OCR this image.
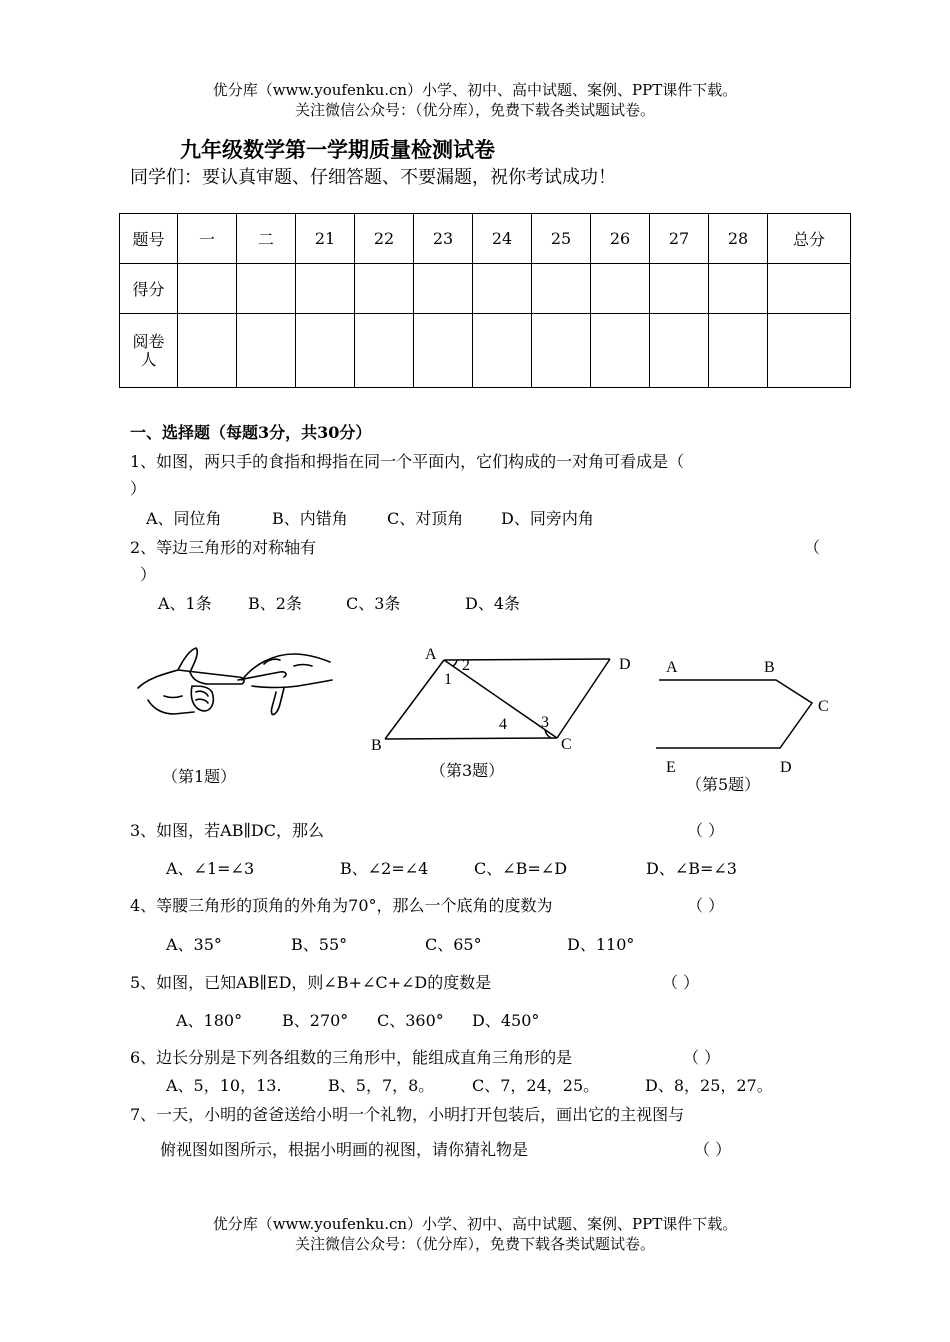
优分库（www.youfenku.cn）小学、初中、高中试题、案例、PPT课件下载。
关注微信公众号：（优分库），免费下载各类试题试卷。
九年级数学第一学期质量检测试卷
同学们：要认真审题、仔细答题、不要漏题，祝你考试成功！
题号	一	二	21	22	23	24	25	26	27	28	总分
得分											
阅卷人											
一、选择题（每题3分，共30分）
1、如图，两只手的食指和拇指在同一个平面内，它们构成的一对角可看成是（
）
A、同位角	B、内错角 C、对顶角 D、同旁内角
2、等边三角形的对称轴有	（
）
A、1条 B、2条	C、3条	D、4条
（第1题）
A
B	C
D
1
2
3
4
（第3题）
A	B
C
D
E
（第5题）
3、如图，若AB∥DC，那么	（ ）
A、∠1=∠3	B、∠2=∠4	C、∠B=∠D	D、∠B=∠3
4、等腰三角形的顶角的外角为70°，那么一个底角的度数为	（ ）
A、35°	B、55°	C、65°	D、110°
5、如图，已知AB∥ED，则∠B+∠C+∠D的度数是	（ ）
A、180° B、270° C、360° D、450°
6、边长分别是下列各组数的三角形中，能组成直角三角形的是	（ ）
A、5，10，13.	B、5，7，8。 C、7，24，25。	D、8，25，27。
7、一天，小明的爸爸送给小明一个礼物，小明打开包装后，画出它的主视图与
俯视图如图所示，根据小明画的视图，请你猜礼物是	（ ）
优分库（www.youfenku.cn）小学、初中、高中试题、案例、PPT课件下载。
关注微信公众号：（优分库），免费下载各类试题试卷。
